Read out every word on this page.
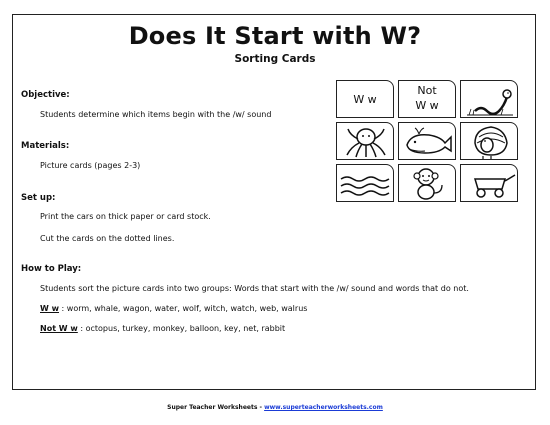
Does It Start with W?
Sorting Cards
Objective:
Students determine which items begin with the /w/ sound
Materials:
Picture cards (pages 2-3)
Set up:
Print the cars on thick paper or card stock.
Cut the cards on the dotted lines.
How to Play:
Students sort the picture cards into two groups: Words that start with the /w/ sound and words that do not.
W w : worm, whale, wagon, water, wolf, witch, watch, web, walrus
Not W w : octopus, turkey, monkey, balloon, key, net, rabbit
W w
Not
W w
Super Teacher Worksheets - www.superteacherworksheets.com
